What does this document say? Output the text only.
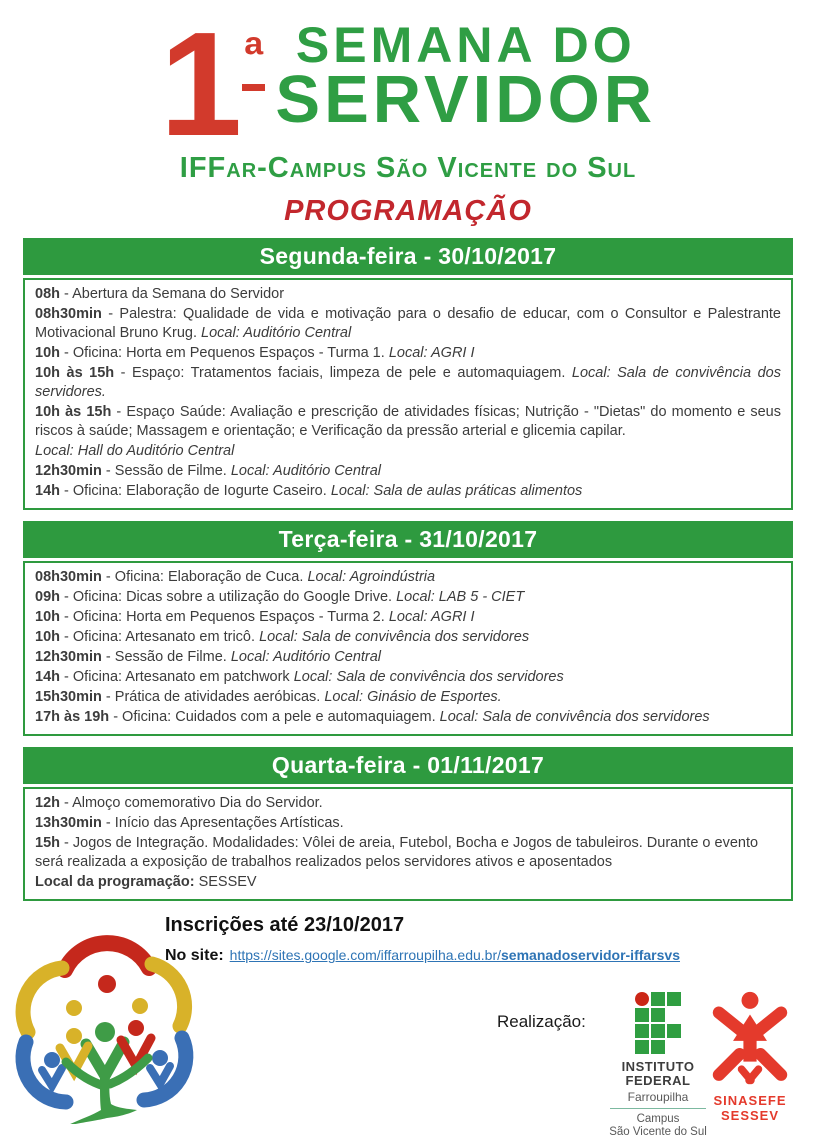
1 ª SEMANA DO
SERVIDOR
IFFar-Campus São Vicente do Sul
PROGRAMAÇÃO
Segunda-feira - 30/10/2017

08h - Abertura da Semana do Servidor

08h30min - Palestra: Qualidade de vida e motivação para o desafio de educar, com o Consultor e Palestrante Motivacional Bruno Krug. Local: Auditório Central

10h - Oficina: Horta em Pequenos Espaços - Turma 1. Local: AGRI I

10h às 15h - Espaço: Tratamentos faciais, limpeza de pele e automaquiagem. Local: Sala de convivência dos servidores.

10h às 15h - Espaço Saúde: Avaliação e prescrição de atividades físicas; Nutrição - "Dietas" do momento e seus riscos à saúde; Massagem e orientação; e Verificação da pressão arterial e glicemia capilar.

Local: Hall do Auditório Central

12h30min - Sessão de Filme. Local: Auditório Central

14h - Oficina: Elaboração de Iogurte Caseiro. Local: Sala de aulas práticas alimentos

Terça-feira - 31/10/2017

08h30min - Oficina: Elaboração de Cuca. Local: Agroindústria

09h - Oficina: Dicas sobre a utilização do Google Drive. Local: LAB 5 - CIET

10h - Oficina: Horta em Pequenos Espaços - Turma 2. Local: AGRI I

10h - Oficina: Artesanato em tricô. Local: Sala de convivência dos servidores

12h30min - Sessão de Filme. Local: Auditório Central

14h - Oficina: Artesanato em patchwork Local: Sala de convivência dos servidores

15h30min - Prática de atividades aeróbicas. Local: Ginásio de Esportes.

17h às 19h - Oficina: Cuidados com a pele e automaquiagem. Local: Sala de convivência dos servidores

Quarta-feira - 01/11/2017

12h - Almoço comemorativo Dia do Servidor.

13h30min - Início das Apresentações Artísticas.

15h - Jogos de Integração. Modalidades: Vôlei de areia, Futebol, Bocha e Jogos de tabuleiros. Durante o evento será realizada a exposição de trabalhos realizados pelos servidores ativos e aposentados

Local da programação: SESSEV

Inscrições até 23/10/2017
No site: https://sites.google.com/iffarroupilha.edu.br/semanadoservidor-iffarsvs
Realização:
INSTITUTO
FEDERAL
Farroupilha
Campus
São Vicente do Sul
SINASEFE
SESSEV
